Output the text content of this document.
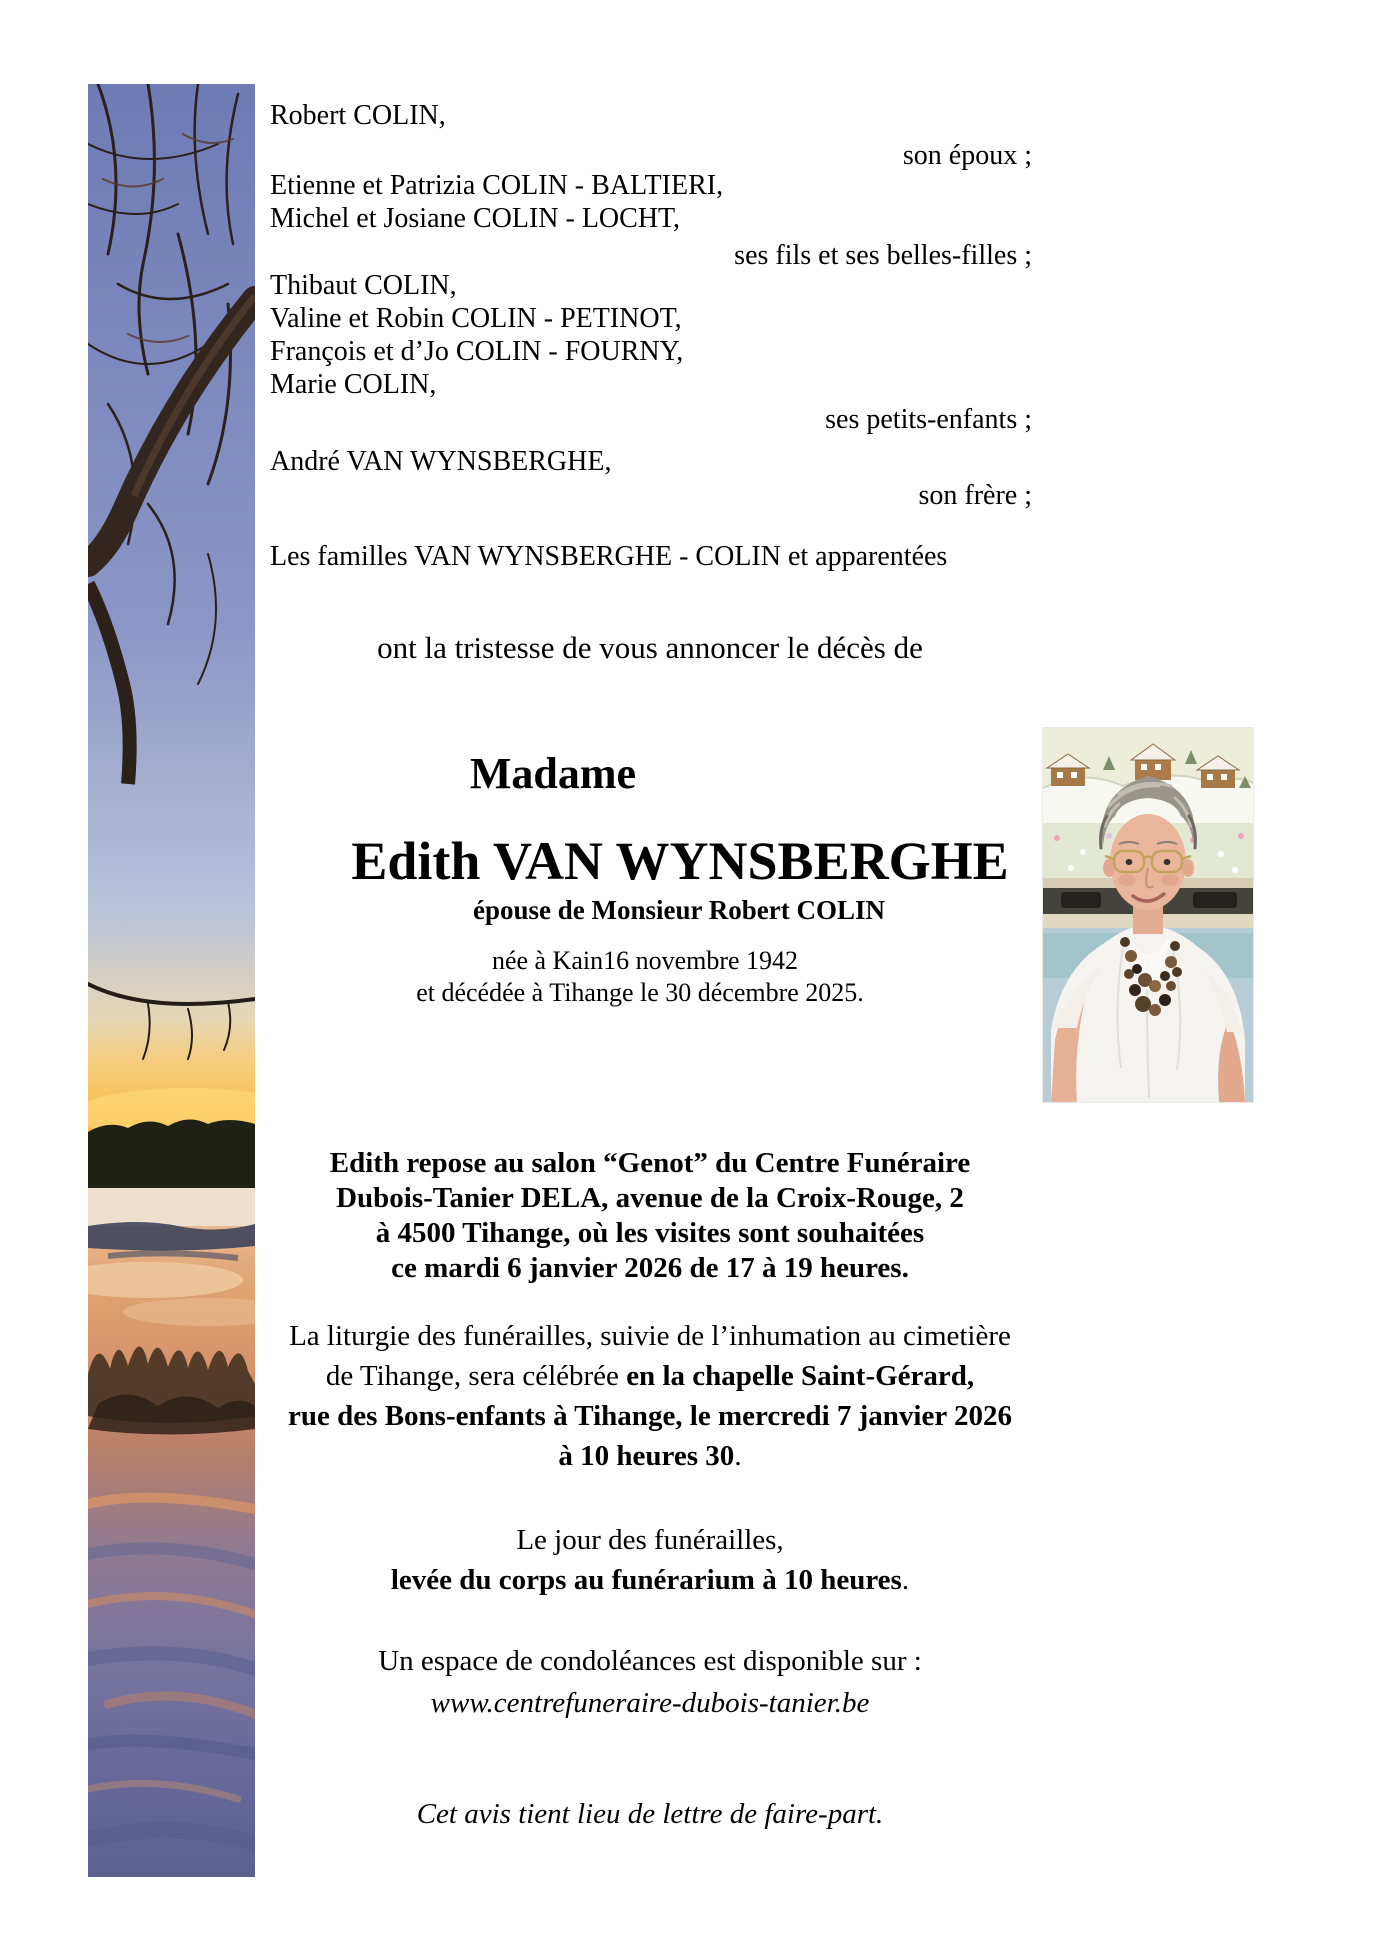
Robert COLIN,
son époux ;
Etienne et Patrizia COLIN - BALTIERI,
Michel et Josiane COLIN - LOCHT,
ses fils et ses belles-filles ;
Thibaut COLIN,
Valine et Robin COLIN - PETINOT,
François et d’Jo COLIN - FOURNY,
Marie COLIN,
ses petits-enfants ;
André VAN WYNSBERGHE,
son frère ;
Les familles VAN WYNSBERGHE - COLIN et apparentées
ont la tristesse de vous annoncer le décès de
Madame
Edith VAN WYNSBERGHE
épouse de Monsieur Robert COLIN
née à Kain16 novembre 1942
et décédée à Tihange le 30 décembre 2025.
Edith repose au salon “Genot” du Centre Funéraire
Dubois-Tanier DELA, avenue de la Croix-Rouge, 2
à 4500 Tihange, où les visites sont souhaitées
ce mardi 6 janvier 2026 de 17 à 19 heures.
La liturgie des funérailles, suivie de l’inhumation au cimetière
de Tihange, sera célébrée en la chapelle Saint-Gérard,
rue des Bons-enfants à Tihange, le mercredi 7 janvier 2026
à 10 heures 30.
Le jour des funérailles,
levée du corps au funérarium à 10 heures.
Un espace de condoléances est disponible sur :
www.centrefuneraire-dubois-tanier.be
Cet avis tient lieu de lettre de faire-part.
